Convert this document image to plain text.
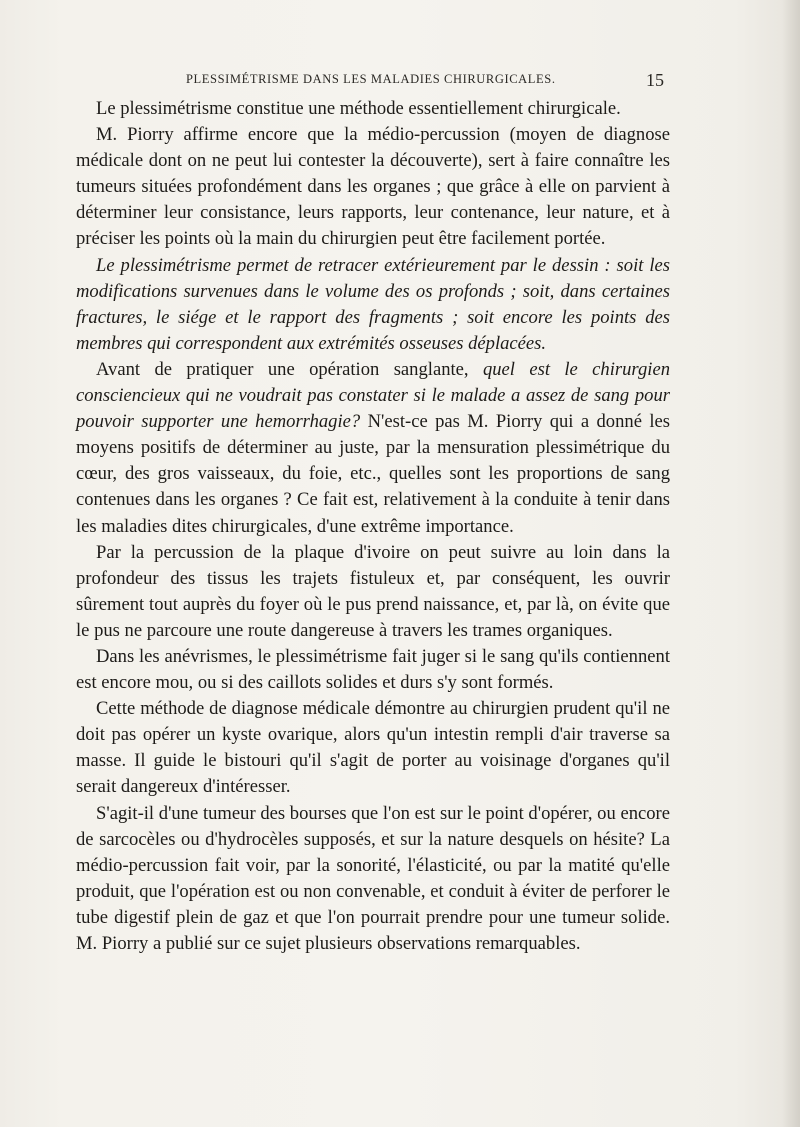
PLESSIMÉTRISME DANS LES MALADIES CHIRURGICALES.	15

Le plessimétrisme constitue une méthode essentiellement chirurgicale.

M. Piorry affirme encore que la médio-percussion (moyen de diagnose médicale dont on ne peut lui contester la découverte), sert à faire connaître les tumeurs situées profondément dans les organes ; que grâce à elle on parvient à déterminer leur consistance, leurs rapports, leur contenance, leur nature, et à préciser les points où la main du chirurgien peut être facilement portée.

Le plessimétrisme permet de retracer extérieurement par le dessin : soit les modifications survenues dans le volume des os profonds ; soit, dans certaines fractures, le siége et le rapport des fragments ; soit encore les points des membres qui correspondent aux extrémités osseuses déplacées.

Avant de pratiquer une opération sanglante, quel est le chirurgien consciencieux qui ne voudrait pas constater si le malade a assez de sang pour pouvoir supporter une hemorrhagie? N'est-ce pas M. Piorry qui a donné les moyens positifs de déterminer au juste, par la mensuration plessimétrique du cœur, des gros vaisseaux, du foie, etc., quelles sont les proportions de sang contenues dans les organes ? Ce fait est, relativement à la conduite à tenir dans les maladies dites chirurgicales, d'une extrême importance.

Par la percussion de la plaque d'ivoire on peut suivre au loin dans la profondeur des tissus les trajets fistuleux et, par conséquent, les ouvrir sûrement tout auprès du foyer où le pus prend naissance, et, par là, on évite que le pus ne parcoure une route dangereuse à travers les trames organiques.

Dans les anévrismes, le plessimétrisme fait juger si le sang qu'ils contiennent est encore mou, ou si des caillots solides et durs s'y sont formés.

Cette méthode de diagnose médicale démontre au chirurgien prudent qu'il ne doit pas opérer un kyste ovarique, alors qu'un intestin rempli d'air traverse sa masse. Il guide le bistouri qu'il s'agit de porter au voisinage d'organes qu'il serait dangereux d'intéresser.

S'agit-il d'une tumeur des bourses que l'on est sur le point d'opérer, ou encore de sarcocèles ou d'hydrocèles supposés, et sur la nature desquels on hésite? La médio-percussion fait voir, par la sonorité, l'élasticité, ou par la matité qu'elle produit, que l'opération est ou non convenable, et conduit à éviter de perforer le tube digestif plein de gaz et que l'on pourrait prendre pour une tumeur solide. M. Piorry a publié sur ce sujet plusieurs observations remarquables.
